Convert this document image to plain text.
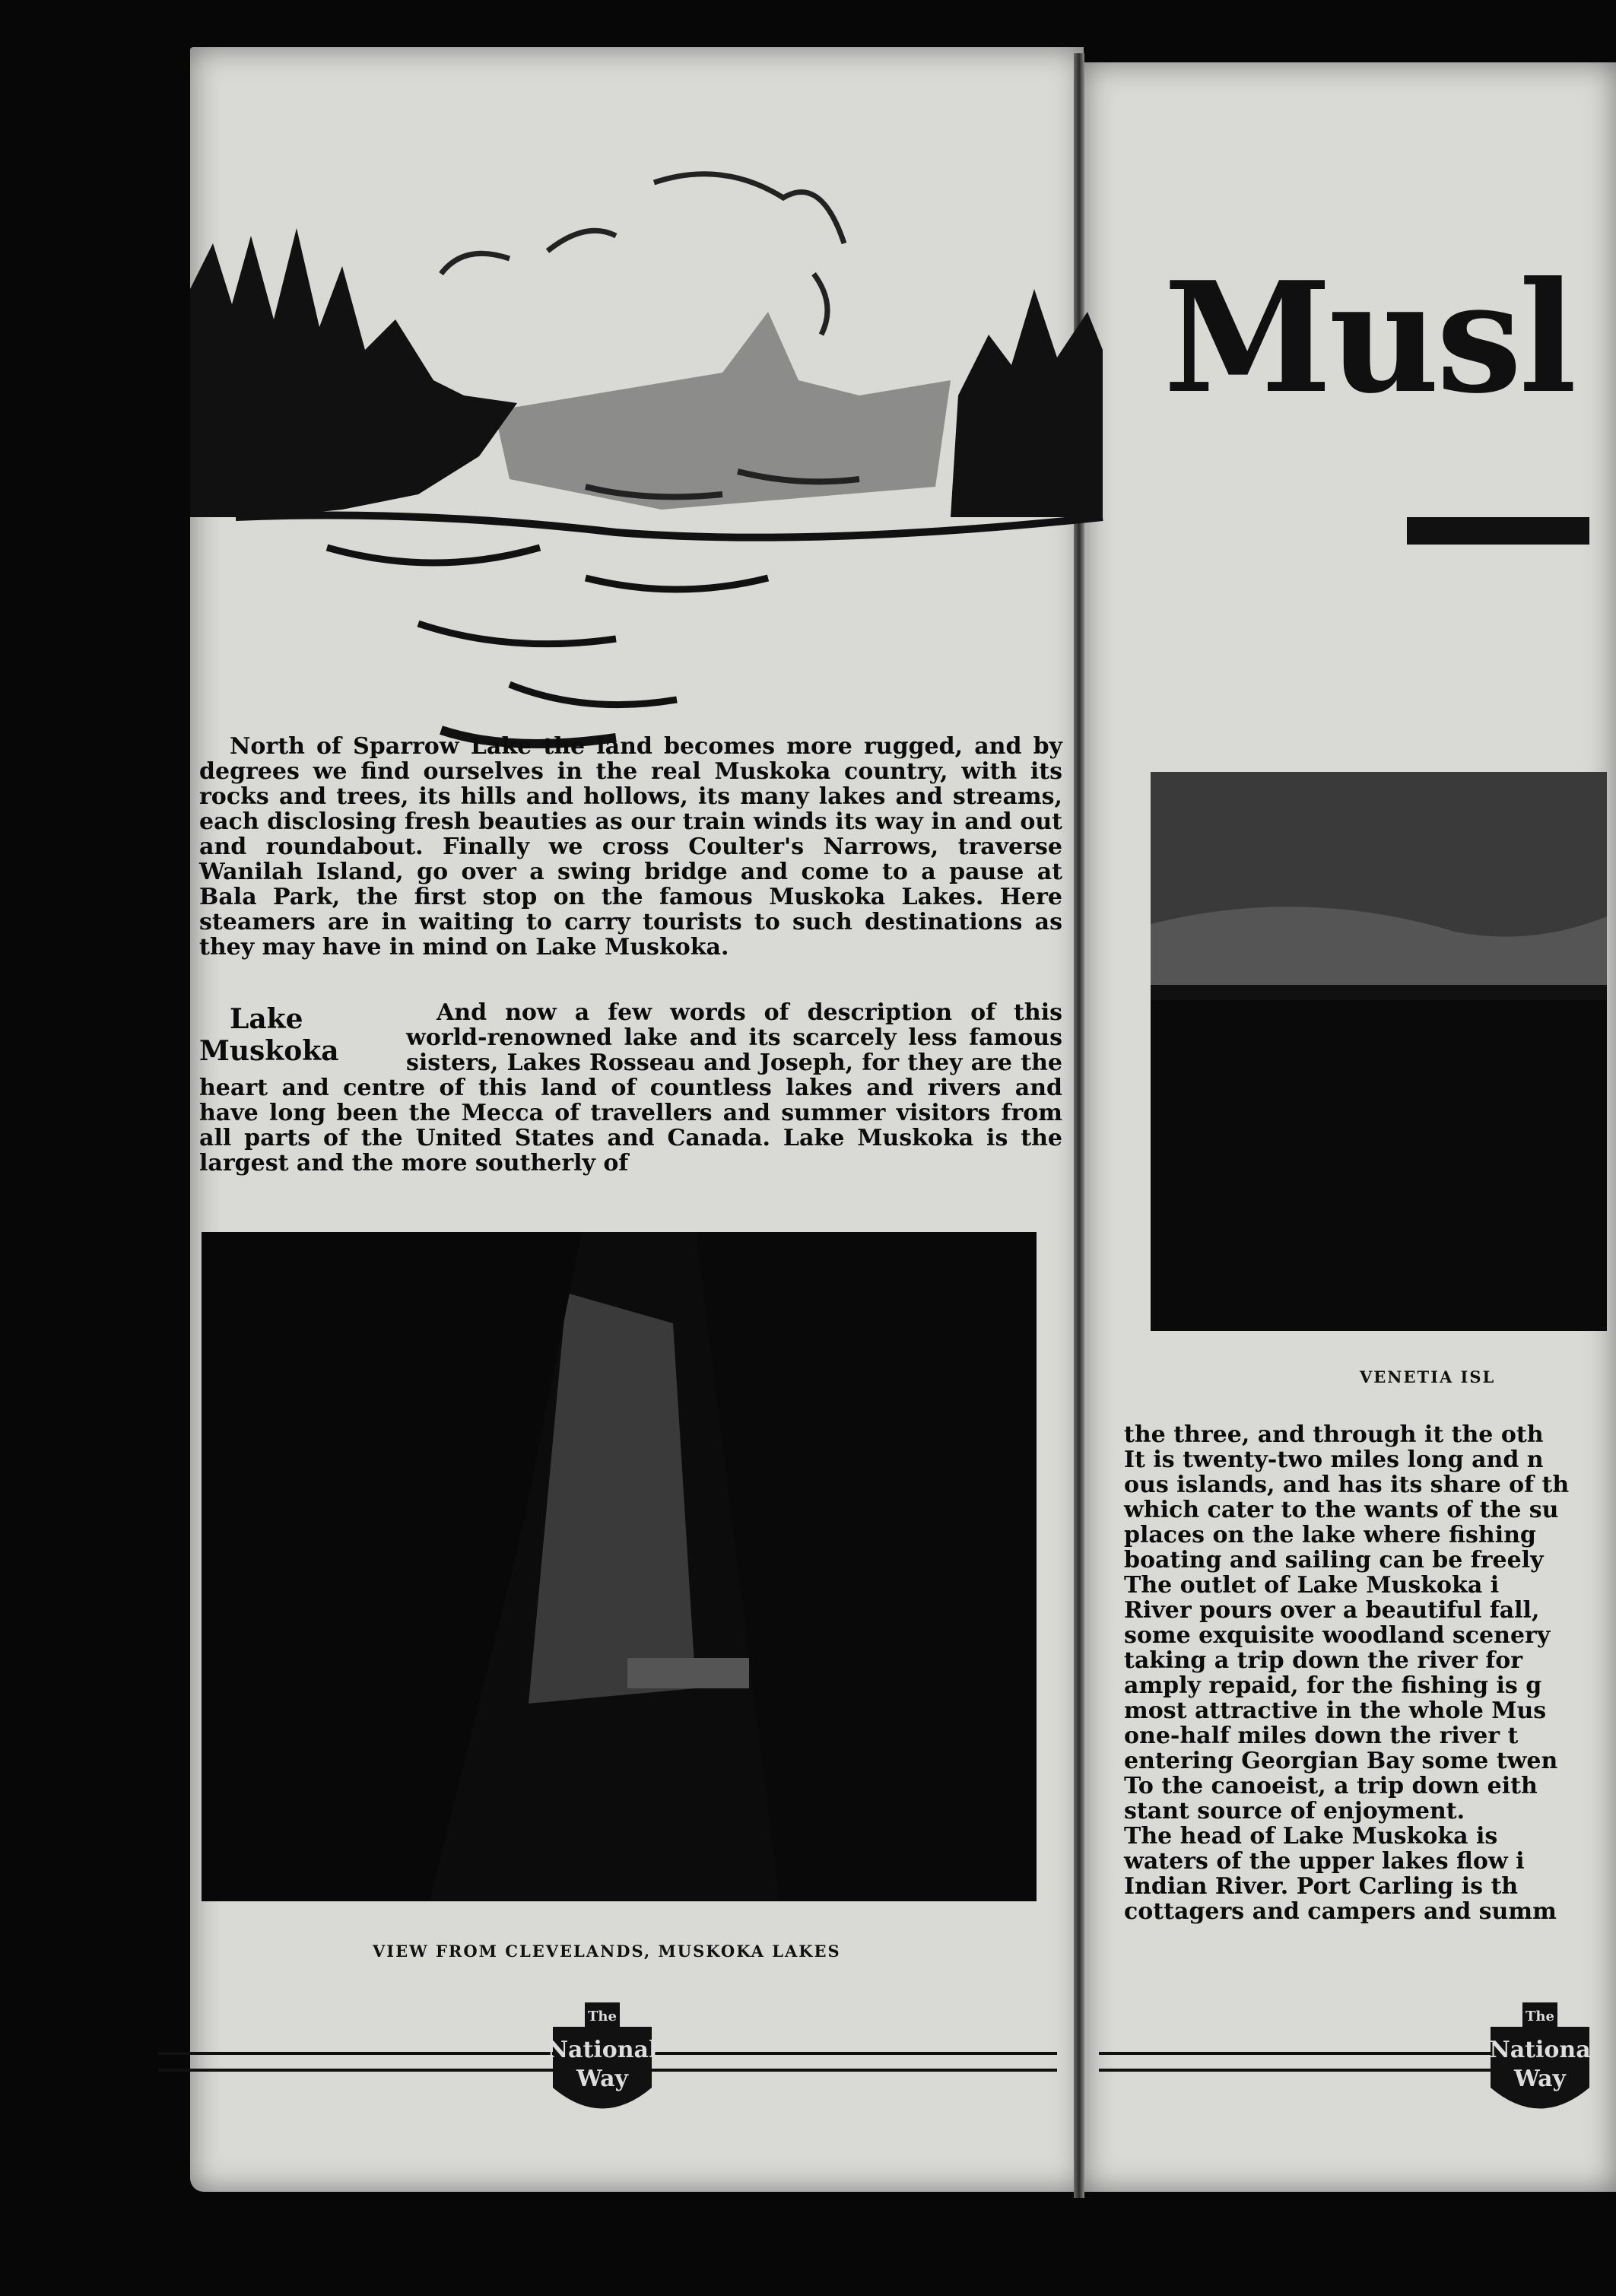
Musl

North of Sparrow Lake the land becomes more rugged, and by degrees we find ourselves in the real Muskoka country, with its rocks and trees, its hills and hollows, its many lakes and streams, each disclosing fresh beauties as our train winds its way in and out and roundabout. Finally we cross Coulter's Narrows, traverse Wanilah Island, go over a swing bridge and come to a pause at Bala Park, the first stop on the famous Muskoka Lakes. Here steamers are in waiting to carry tourists to such destinations as they may have in mind on Lake Muskoka.

Lake Muskoka
And now a few words of description of this world-renowned lake and its scarcely less famous sisters, Lakes Rosseau and Joseph, for they are the heart and centre of this land of countless lakes and rivers and have long been the Mecca of travellers and summer visitors from all parts of the United States and Canada. Lake Muskoka is the largest and the more southerly of
VIEW FROM CLEVELANDS, MUSKOKA LAKES
VENETIA ISL

the three, and through it the oth

It is twenty-two miles long and n

ous islands, and has its share of th

which cater to the wants of the su

places on the lake where fishing

boating and sailing can be freely

The outlet of Lake Muskoka i

River pours over a beautiful fall,

some exquisite woodland scenery

taking a trip down the river for

amply repaid, for the fishing is g

most attractive in the whole Mus

one-half miles down the river t

entering Georgian Bay some twen

To the canoeist, a trip down eith

stant source of enjoyment.

The head of Lake Muskoka is

waters of the upper lakes flow i

Indian River. Port Carling is th

cottagers and campers and summ

The
National
Way
The
Nationa
Way
